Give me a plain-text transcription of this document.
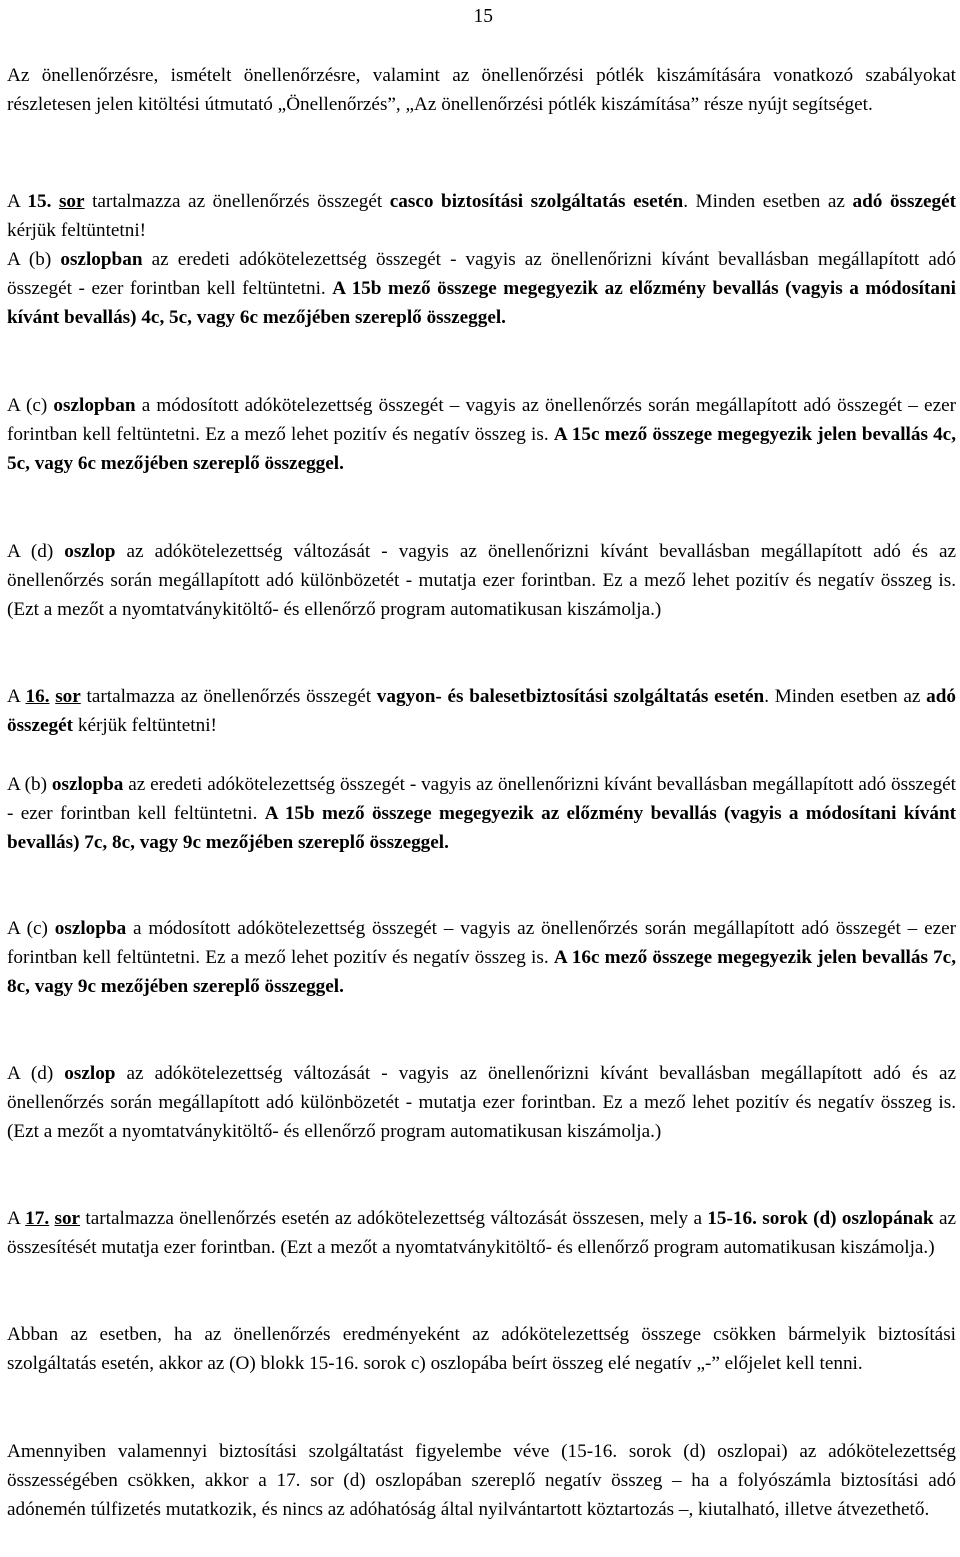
15

Az önellenőrzésre, ismételt önellenőrzésre, valamint az önellenőrzési pótlék kiszámítására vonatkozó szabályokat részletesen jelen kitöltési útmutató „Önellenőrzés”, „Az önellenőrzési pótlék kiszámítása” része nyújt segítséget.

A 15. sor tartalmazza az önellenőrzés összegét casco biztosítási szolgáltatás esetén. Minden esetben az adó összegét kérjük feltüntetni!

A (b) oszlopban az eredeti adókötelezettség összegét - vagyis az önellenőrizni kívánt bevallásban megállapított adó összegét - ezer forintban kell feltüntetni. A 15b mező összege megegyezik az előzmény bevallás (vagyis a módosítani kívánt bevallás) 4c, 5c, vagy 6c mezőjében szereplő összeggel.

A (c) oszlopban a módosított adókötelezettség összegét – vagyis az önellenőrzés során megállapított adó összegét – ezer forintban kell feltüntetni. Ez a mező lehet pozitív és negatív összeg is. A 15c mező összege megegyezik jelen bevallás 4c, 5c, vagy 6c mezőjében szereplő összeggel.

A (d) oszlop az adókötelezettség változását - vagyis az önellenőrizni kívánt bevallásban megállapított adó és az önellenőrzés során megállapított adó különbözetét - mutatja ezer forintban. Ez a mező lehet pozitív és negatív összeg is. (Ezt a mezőt a nyomtatványkitöltő- és ellenőrző program automatikusan kiszámolja.)

A 16. sor tartalmazza az önellenőrzés összegét vagyon- és balesetbiztosítási szolgáltatás esetén. Minden esetben az adó összegét kérjük feltüntetni!

A (b) oszlopba az eredeti adókötelezettség összegét - vagyis az önellenőrizni kívánt bevallásban megállapított adó összegét - ezer forintban kell feltüntetni. A 15b mező összege megegyezik az előzmény bevallás (vagyis a módosítani kívánt bevallás) 7c, 8c, vagy 9c mezőjében szereplő összeggel.

A (c) oszlopba a módosított adókötelezettség összegét – vagyis az önellenőrzés során megállapított adó összegét – ezer forintban kell feltüntetni. Ez a mező lehet pozitív és negatív összeg is. A 16c mező összege megegyezik jelen bevallás 7c, 8c, vagy 9c mezőjében szereplő összeggel.

A (d) oszlop az adókötelezettség változását - vagyis az önellenőrizni kívánt bevallásban megállapított adó és az önellenőrzés során megállapított adó különbözetét - mutatja ezer forintban. Ez a mező lehet pozitív és negatív összeg is. (Ezt a mezőt a nyomtatványkitöltő- és ellenőrző program automatikusan kiszámolja.)

A 17. sor tartalmazza önellenőrzés esetén az adókötelezettség változását összesen, mely a 15-16. sorok (d) oszlopának az összesítését mutatja ezer forintban. (Ezt a mezőt a nyomtatványkitöltő- és ellenőrző program automatikusan kiszámolja.)

Abban az esetben, ha az önellenőrzés eredményeként az adókötelezettség összege csökken bármelyik biztosítási szolgáltatás esetén, akkor az (O) blokk 15-16. sorok c) oszlopába beírt összeg elé negatív „-” előjelet kell tenni.

Amennyiben valamennyi biztosítási szolgáltatást figyelembe véve (15-16. sorok (d) oszlopai) az adókötelezettség összességében csökken, akkor a 17. sor (d) oszlopában szereplő negatív összeg – ha a folyószámla biztosítási adó adónemén túlfizetés mutatkozik, és nincs az adóhatóság által nyilvántartott köztartozás –, kiutalható, illetve átvezethető.
